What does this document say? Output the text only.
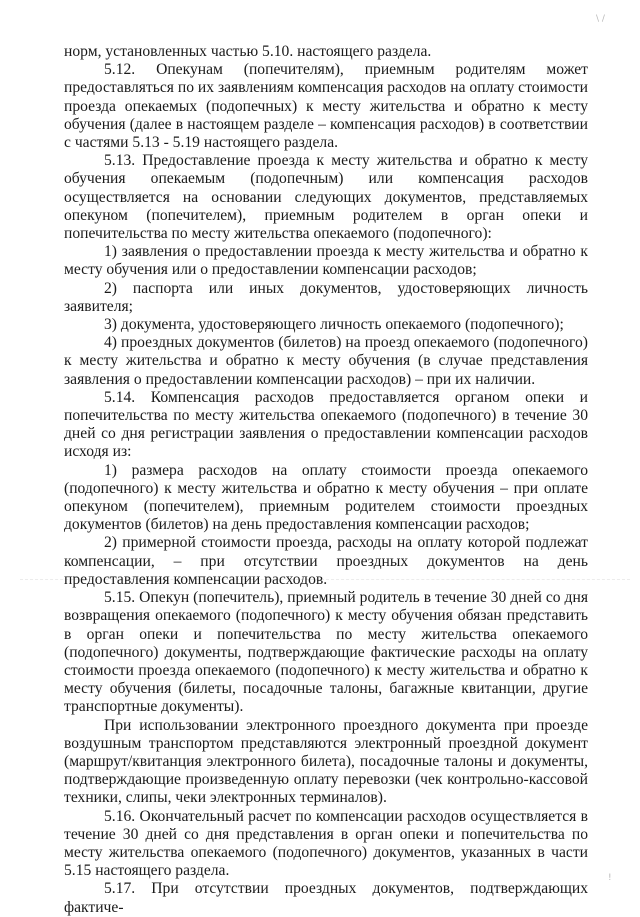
\ /
!

норм, установленных частью 5.10. настоящего раздела.

5.12. Опекунам (попечителям), приемным родителям может предоставляться по их заявлениям компенсация расходов на оплату стоимости проезда опекаемых (подопечных) к месту жительства и обратно к месту обучения (далее в настоящем разделе – компенсация расходов) в соответствии с частями 5.13 - 5.19 настоящего раздела.

5.13. Предоставление проезда к месту жительства и обратно к месту обучения опекаемым (подопечным) или компенсация расходов осуществляется на основании следующих документов, представляемых опекуном (попечителем), приемным родителем в орган опеки и попечительства по месту жительства опекаемого (подопечного):

1) заявления о предоставлении проезда к месту жительства и обратно к месту обучения или о предоставлении компенсации расходов;

2) паспорта или иных документов, удостоверяющих личность заявителя;

3) документа, удостоверяющего личность опекаемого (подопечного);

4) проездных документов (билетов) на проезд опекаемого (подопечного) к месту жительства и обратно к месту обучения (в случае представления заявления о предоставлении компенсации расходов) – при их наличии.

5.14. Компенсация расходов предоставляется органом опеки и попечительства по месту жительства опекаемого (подопечного) в течение 30 дней со дня регистрации заявления о предоставлении компенсации расходов исходя из:

1) размера расходов на оплату стоимости проезда опекаемого (подопечного) к месту жительства и обратно к месту обучения – при оплате опекуном (попечителем), приемным родителем стоимости проездных документов (билетов) на день предоставления компенсации расходов;

2) примерной стоимости проезда, расходы на оплату которой подлежат компенсации, – при отсутствии проездных документов на день предоставления компенсации расходов.

5.15. Опекун (попечитель), приемный родитель в течение 30 дней со дня возвращения опекаемого (подопечного) к месту обучения обязан представить в орган опеки и попечительства по месту жительства опекаемого (подопечного) документы, подтверждающие фактические расходы на оплату стоимости проезда опекаемого (подопечного) к месту жительства и обратно к месту обучения (билеты, посадочные талоны, багажные квитанции, другие транспортные документы).

При использовании электронного проездного документа при проезде воздушным транспортом представляются электронный проездной документ (маршрут/квитанция электронного билета), посадочные талоны и документы, подтверждающие произведенную оплату перевозки (чек контрольно-кассовой техники, слипы, чеки электронных терминалов).

5.16. Окончательный расчет по компенсации расходов осуществляется в течение 30 дней со дня представления в орган опеки и попечительства по месту жительства опекаемого (подопечного) документов, указанных в части 5.15 настоящего раздела.

5.17. При отсутствии проездных документов, подтверждающих фактиче-
